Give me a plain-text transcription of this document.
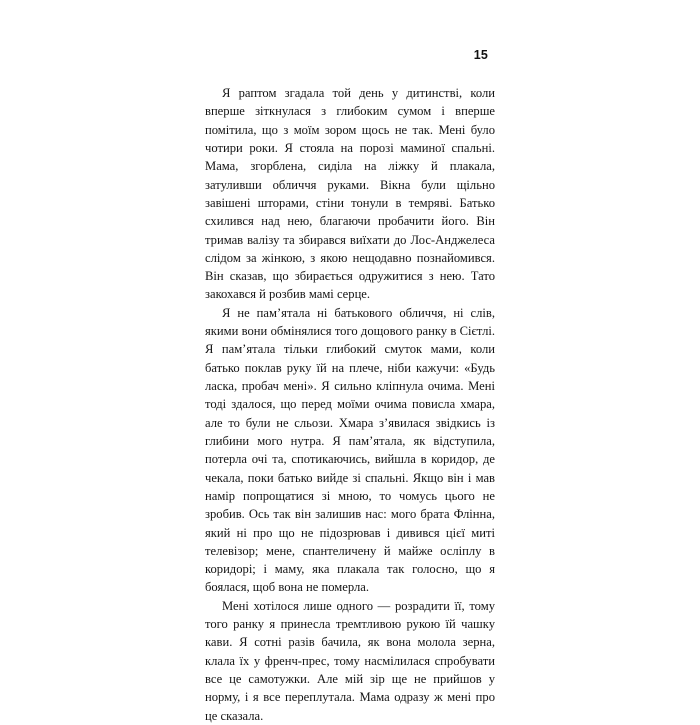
15

Я раптом згадала той день у дитинстві, коли вперше зіткнулася з глибоким сумом і вперше помітила, що з моїм зором щось не так. Мені було чотири роки. Я стояла на порозі маминої спальні. Мама, згорблена, сиділа на ліжку й плакала, затуливши обличчя руками. Вікна були щільно завішені шторами, стіни тонули в темряві. Батько схилився над нею, благаючи пробачити його. Він тримав валізу та збирався виїхати до Лос-Анджелеса слідом за жінкою, з якою нещодавно познайомився. Він сказав, що збирається одружитися з нею. Тато закохався й розбив мамі серце.

Я не пам’ятала ні батькового обличчя, ні слів, якими вони обмінялися того дощового ранку в Сієтлі. Я пам’ятала тільки глибокий смуток мами, коли батько поклав руку їй на плече, ніби кажучи: «Будь ласка, пробач мені». Я сильно кліпнула очима. Мені тоді здалося, що перед моїми очима повисла хмара, але то були не сльози. Хмара з’явилася звідкись із глибини мого нутра. Я пам’ятала, як відступила, потерла очі та, спотикаючись, вийшла в коридор, де чекала, поки батько вийде зі спальні. Якщо він і мав намір попрощатися зі мною, то чомусь цього не зробив. Ось так він залишив нас: мого брата Флінна, який ні про що не підозрював і дивився цієї миті телевізор; мене, спантеличену й майже осліплу в коридорі; і маму, яка плакала так голосно, що я боялася, щоб вона не померла.

Мені хотілося лише одного — розрадити її, тому того ранку я принесла тремтливою рукою їй чашку кави. Я сотні разів бачила, як вона молола зерна, клала їх у френч-прес, тому насмілилася спробувати все це самотужки. Але мій зір ще не прийшов у норму, і я все переплутала. Мама одразу ж мені про це сказала.
